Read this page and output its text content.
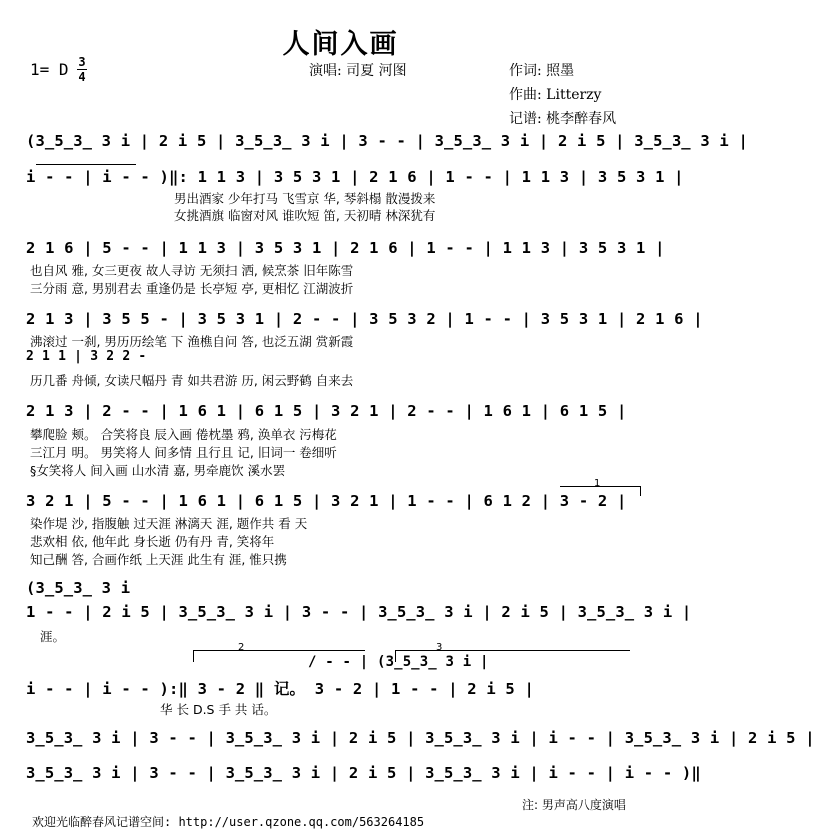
人间入画
1= D 3
4	演唱: 司夏 河图	作词: 照墨
作曲: Litterzy
记谱: 桃李醉春风
(3̲5̲3̲ 3 i | 2 i 5 | 3̲5̲3̲ 3 i | 3 - - | 3̲5̲3̲ 3 i | 2 i 5 | 3̲5̲3̲ 3 i |
i - - | i - - )‖: 1 1 3 | 3 5 3 1 | 2 1 6 | 1 - - | 1 1 3 | 3 5 3 1 |
男出酒家 少年打马 飞雪京 华, 琴斜榻 散漫拨来
女挑酒旗 临窗对风 谁吹短 笛, 天初晴 林深犹有
2 1 6 | 5 - - | 1 1 3 | 3 5 3 1 | 2 1 6 | 1 - - | 1 1 3 | 3 5 3 1 |
也自风 雅, 女三更夜 故人寻访 无须扫 洒, 候烹茶 旧年陈雪
三分雨 意, 男别君去 重逢仍是 长亭短 亭, 更相忆 江湖波折
2 1 3 | 3 5 5 - | 3 5 3 1 | 2 - - | 3 5 3 2 | 1 - - | 3 5 3 1 | 2 1 6 |
沸滚过 一刹, 男历历绘笔 下 渔樵自问 答, 也泛五湖 赏新霞
2 1 1 | 3 2 2 -
历几番 舟倾, 女读尺幅丹 青 如共君游 历, 闲云野鹤 自来去
2 1 3 | 2 - - | 1 6 1 | 6 1 5 | 3 2 1 | 2 - - | 1 6 1 | 6 1 5 |
攀爬脸 颊。 合笑将良 辰入画 倦枕墨 鸦, 涣单衣 污梅花
三江月 明。 男笑将人 间多情 且行且 记, 旧词一 卷细听
§女笑将人 间入画 山水清 嘉, 男牵鹿饮 溪水罢
1
3 2 1 | 5 - - | 1 6 1 | 6 1 5 | 3 2 1 | 1 - - | 6 1 2 | 3 - 2 |
染作堤 沙, 指腹触 过天涯 淋漓天 涯, 题作共 看 天
悲欢相 依, 他年此 身长逝 仍有丹 青, 笑将年
知己酬 答, 合画作纸 上天涯 此生有 涯, 惟只携
(3̲5̲3̲ 3 i
1 - - | 2 i 5 | 3̲5̲3̲ 3 i | 3 - - | 3̲5̲3̲ 3 i | 2 i 5 | 3̲5̲3̲ 3 i |
涯。
2	3
/ - - | (3̲5̲3̲ 3 i |
i - - | i - - ):‖ 3 - 2 ‖ 记。 3 - 2 | 1 - - | 2 i 5 |
华 长 D.S 手 共 话。
3̲5̲3̲ 3 i | 3 - - | 3̲5̲3̲ 3 i | 2 i 5 | 3̲5̲3̲ 3 i | i - - | 3̲5̲3̲ 3 i | 2 i 5 |
3̲5̲3̲ 3 i | 3 - - | 3̲5̲3̲ 3 i | 2 i 5 | 3̲5̲3̲ 3 i | i - - | i - - )‖
注: 男声高八度演唱
欢迎光临醉春风记谱空间: http://user.qzone.qq.com/563264185
